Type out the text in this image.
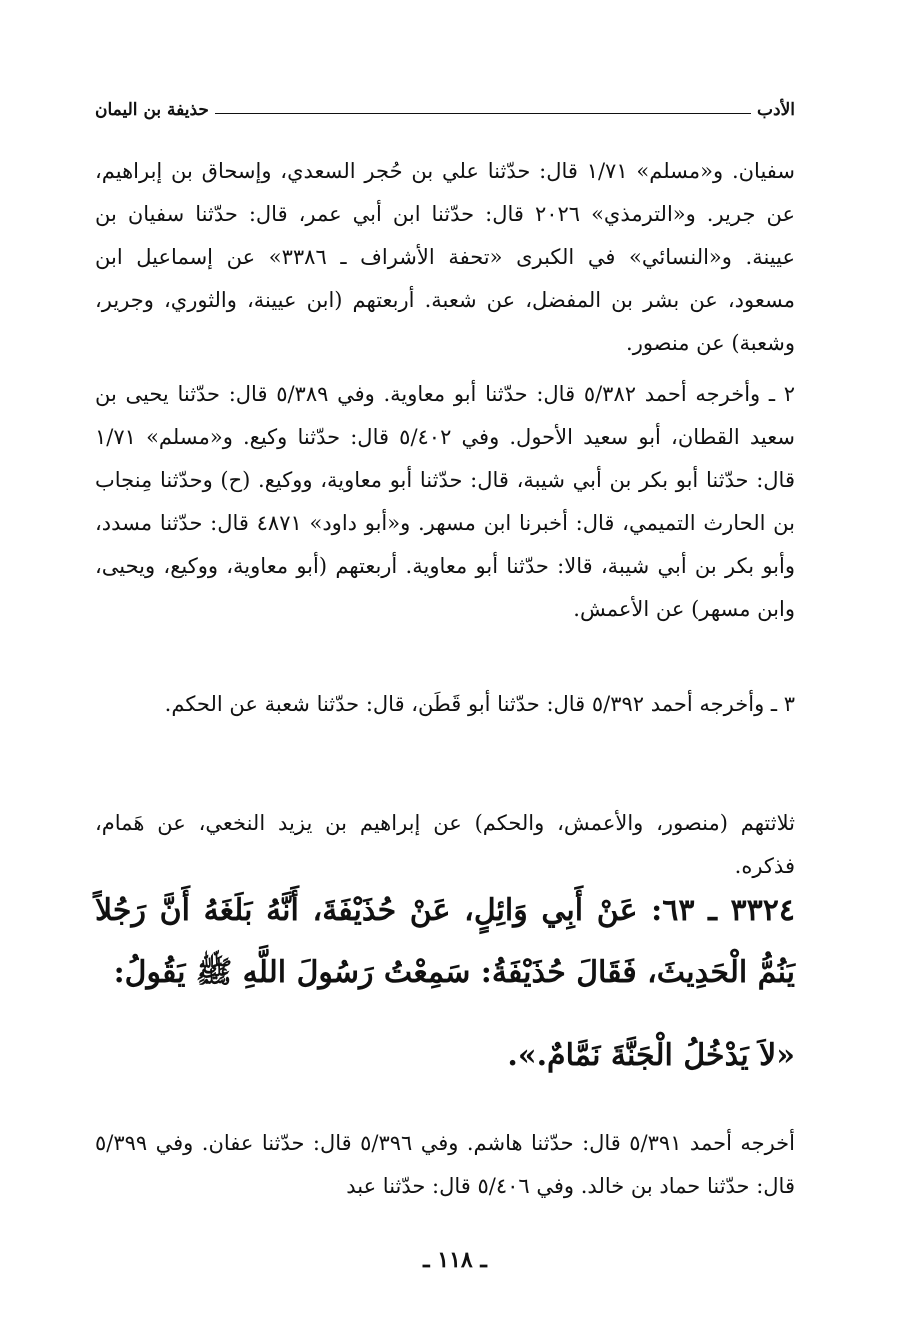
الأدب
حذيفة بن اليمان
سفيان. و«مسلم» ١/٧١ قال: حدّثنا علي بن حُجر السعدي، وإسحاق بن إبراهيم، عن جرير. و«الترمذي» ٢٠٢٦ قال: حدّثنا ابن أبي عمر، قال: حدّثنا سفيان بن عيينة. و«النسائي» في الكبرى «تحفة الأشراف ـ ٣٣٨٦» عن إسماعيل ابن مسعود، عن بشر بن المفضل، عن شعبة. أربعتهم (ابن عيينة، والثوري، وجرير، وشعبة) عن منصور.
٢ ـ وأخرجه أحمد ٥/٣٨٢ قال: حدّثنا أبو معاوية. وفي ٥/٣٨٩ قال: حدّثنا يحيى بن سعيد القطان، أبو سعيد الأحول. وفي ٥/٤٠٢ قال: حدّثنا وكيع. و«مسلم» ١/٧١ قال: حدّثنا أبو بكر بن أبي شيبة، قال: حدّثنا أبو معاوية، ووكيع. (ح) وحدّثنا مِنجاب بن الحارث التميمي، قال: أخبرنا ابن مسهر. و«أبو داود» ٤٨٧١ قال: حدّثنا مسدد، وأبو بكر بن أبي شيبة، قالا: حدّثنا أبو معاوية. أربعتهم (أبو معاوية، ووكيع، ويحيى، وابن مسهر) عن الأعمش.
٣ ـ وأخرجه أحمد ٥/٣٩٢ قال: حدّثنا أبو قَطَن، قال: حدّثنا شعبة عن الحكم.
ثلاثتهم (منصور، والأعمش، والحكم) عن إبراهيم بن يزيد النخعي، عن هَمام، فذكره.
٣٣٢٤ ـ ٦٣: عَنْ أَبِي وَائِلٍ، عَنْ حُذَيْفَةَ، أَنَّهُ بَلَغَهُ أَنَّ رَجُلاً يَنُمُّ الْحَدِيثَ، فَقَالَ حُذَيْفَةُ: سَمِعْتُ رَسُولَ اللَّهِ ﷺ يَقُولُ:
«لاَ يَدْخُلُ الْجَنَّةَ نَمَّامٌ.».
أخرجه أحمد ٥/٣٩١ قال: حدّثنا هاشم. وفي ٥/٣٩٦ قال: حدّثنا عفان. وفي ٥/٣٩٩ قال: حدّثنا حماد بن خالد. وفي ٥/٤٠٦ قال: حدّثنا عبد
ـ ١١٨ ـ
